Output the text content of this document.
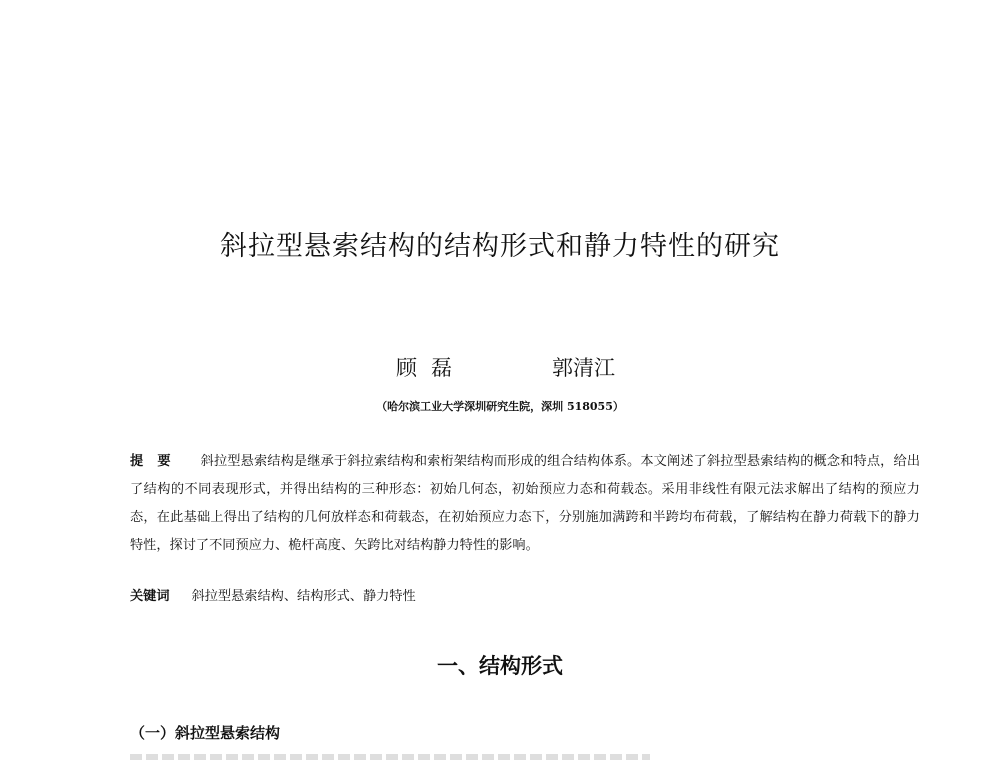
斜拉型悬索结构的结构形式和静力特性的研究
顾磊	郭清江
（哈尔滨工业大学深圳研究生院，深圳 518055）
提要 斜拉型悬索结构是继承于斜拉索结构和索桁架结构而形成的组合结构体系。本文阐述了斜拉型悬索结构的概念和特点，给出了结构的不同表现形式，并得出结构的三种形态：初始几何态，初始预应力态和荷载态。采用非线性有限元法求解出了结构的预应力态，在此基础上得出了结构的几何放样态和荷载态，在初始预应力态下，分别施加满跨和半跨均布荷载，了解结构在静力荷载下的静力特性，探讨了不同预应力、桅杆高度、矢跨比对结构静力特性的影响。
关键词 斜拉型悬索结构、结构形式、静力特性
一、结构形式
（一）斜拉型悬索结构
